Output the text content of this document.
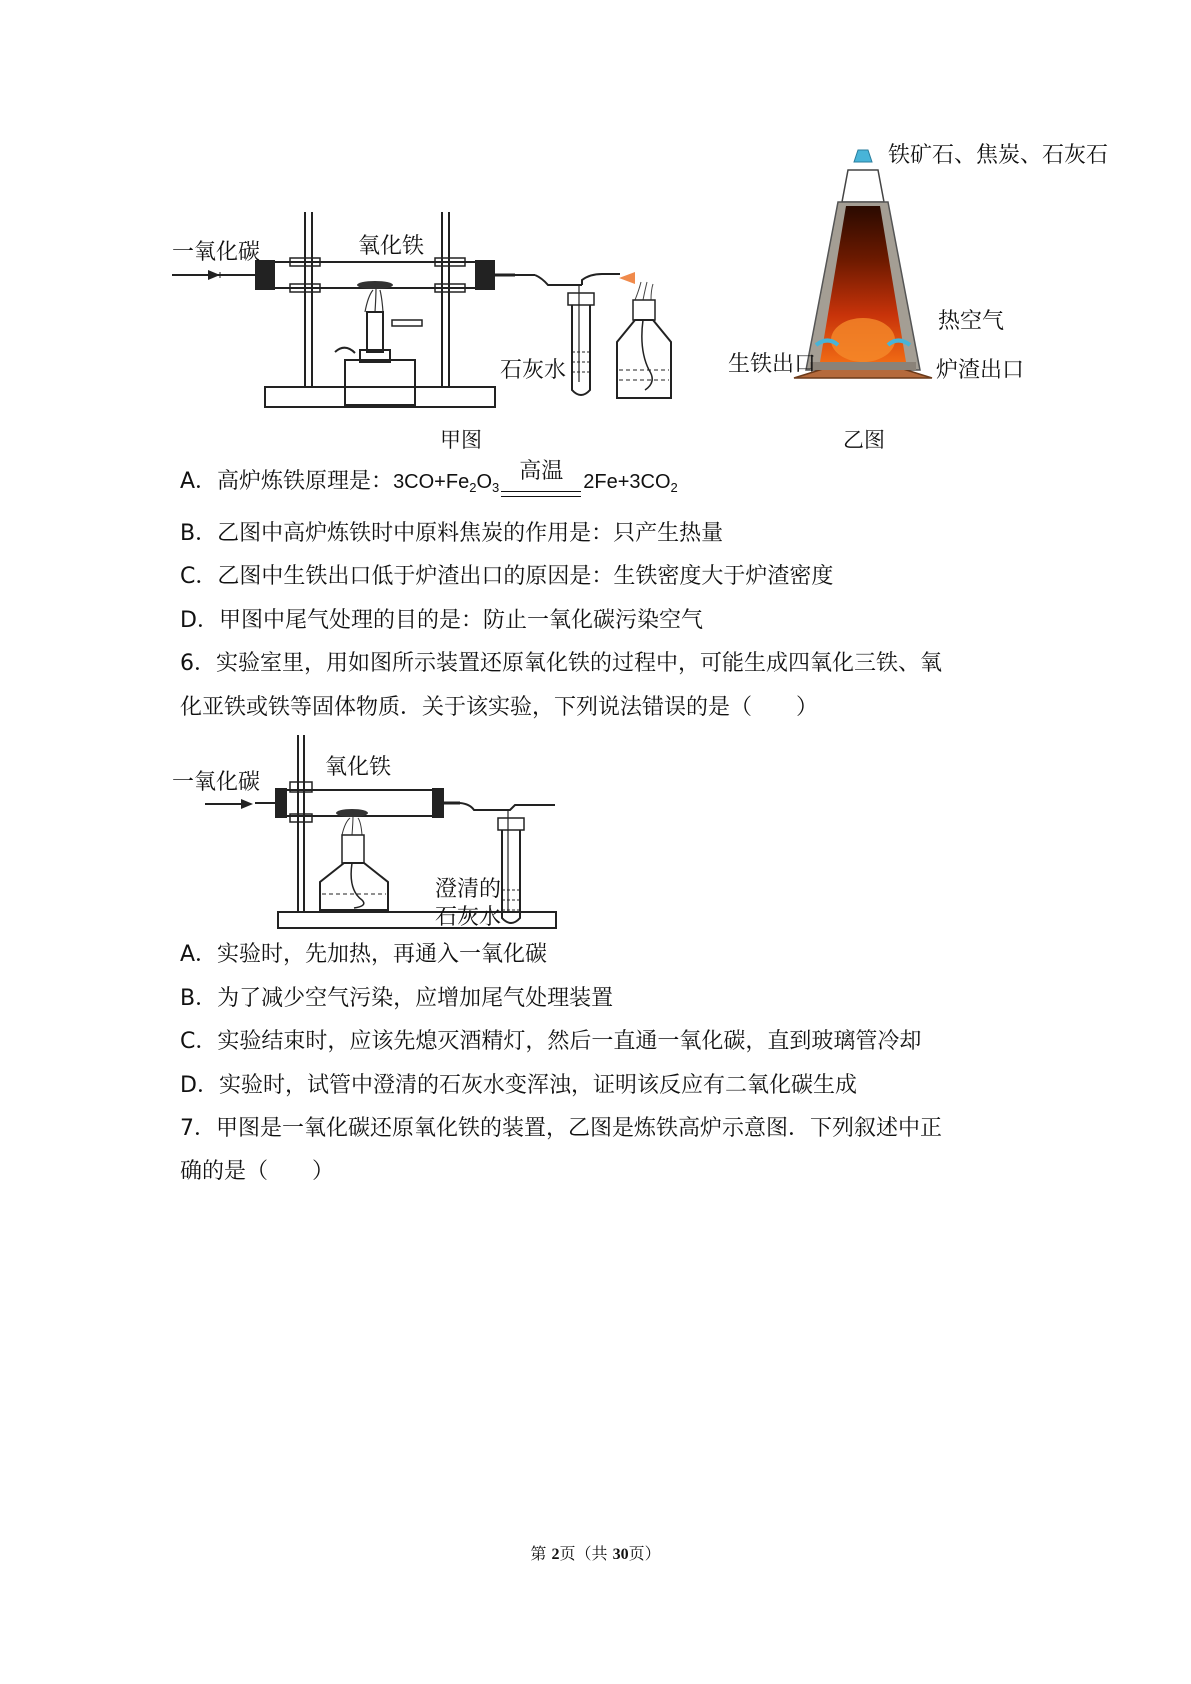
一氧化碳	氧化铁
石灰水
甲图
铁矿石、焦炭、石灰石
热空气
生铁出口	炉渣出口
乙图
A．高炉炼铁原理是：$3CO+Fe_2O_3$
高温	$2Fe+3CO_2$
B．乙图中高炉炼铁时中原料焦炭的作用是：只产生热量
C．乙图中生铁出口低于炉渣出口的原因是：生铁密度大于炉渣密度
D．甲图中尾气处理的目的是：防止一氧化碳污染空气
6．实验室里，用如图所示装置还原氧化铁的过程中，可能生成四氧化三铁、氧
化亚铁或铁等固体物质．关于该实验，下列说法错误的是（　　）
一氧化碳
氧化铁
澄清的
石灰水
A．实验时，先加热，再通入一氧化碳
B．为了减少空气污染，应增加尾气处理装置
C．实验结束时，应该先熄灭酒精灯，然后一直通一氧化碳，直到玻璃管冷却
D．实验时，试管中澄清的石灰水变浑浊，证明该反应有二氧化碳生成
7．甲图是一氧化碳还原氧化铁的装置，乙图是炼铁高炉示意图．下列叙述中正
确的是（　　）
第 2页（共 30页）
